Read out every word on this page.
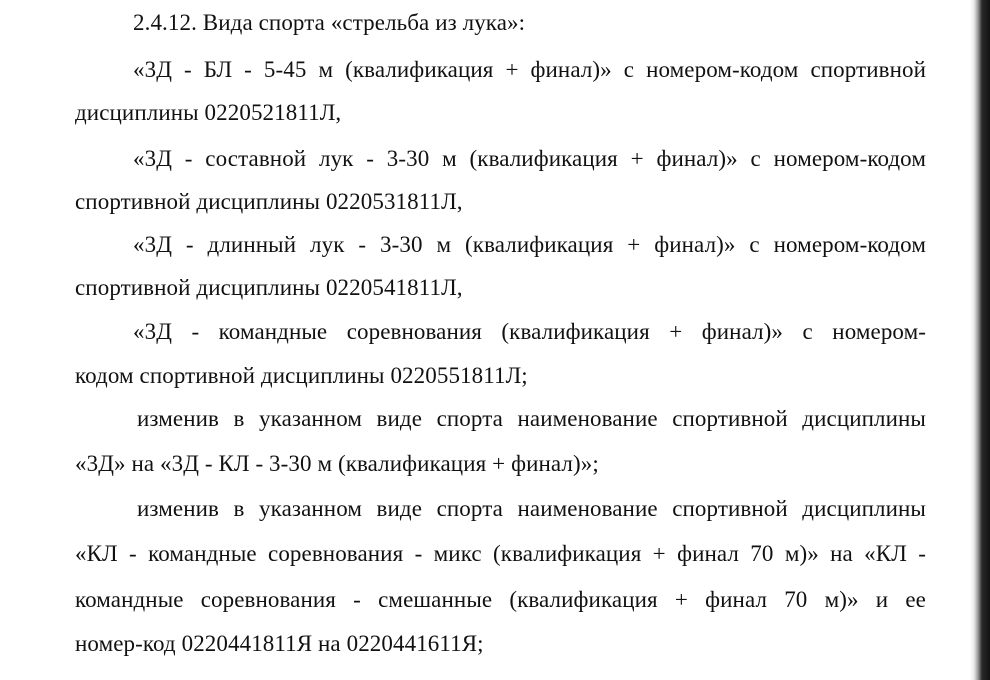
2.4.12. Вида спорта «стрельба из лука»:
«3Д - БЛ - 5-45 м (квалификация + финал)» с номером-кодом спортивной
дисциплины 0220521811Л,
«3Д - составной лук - 3-30 м (квалификация + финал)» с номером-кодом
спортивной дисциплины 0220531811Л,
«3Д - длинный лук - 3-30 м (квалификация + финал)» с номером-кодом
спортивной дисциплины 0220541811Л,
«3Д - командные соревнования (квалификация + финал)» с номером-
кодом спортивной дисциплины 0220551811Л;
изменив в указанном виде спорта наименование спортивной дисциплины
«3Д» на «3Д - КЛ - 3-30 м (квалификация + финал)»;
изменив в указанном виде спорта наименование спортивной дисциплины
«КЛ - командные соревнования - микс (квалификация + финал 70 м)» на «КЛ -
командные соревнования - смешанные (квалификация + финал 70 м)» и ее
номер-код 0220441811Я на 0220441611Я;
